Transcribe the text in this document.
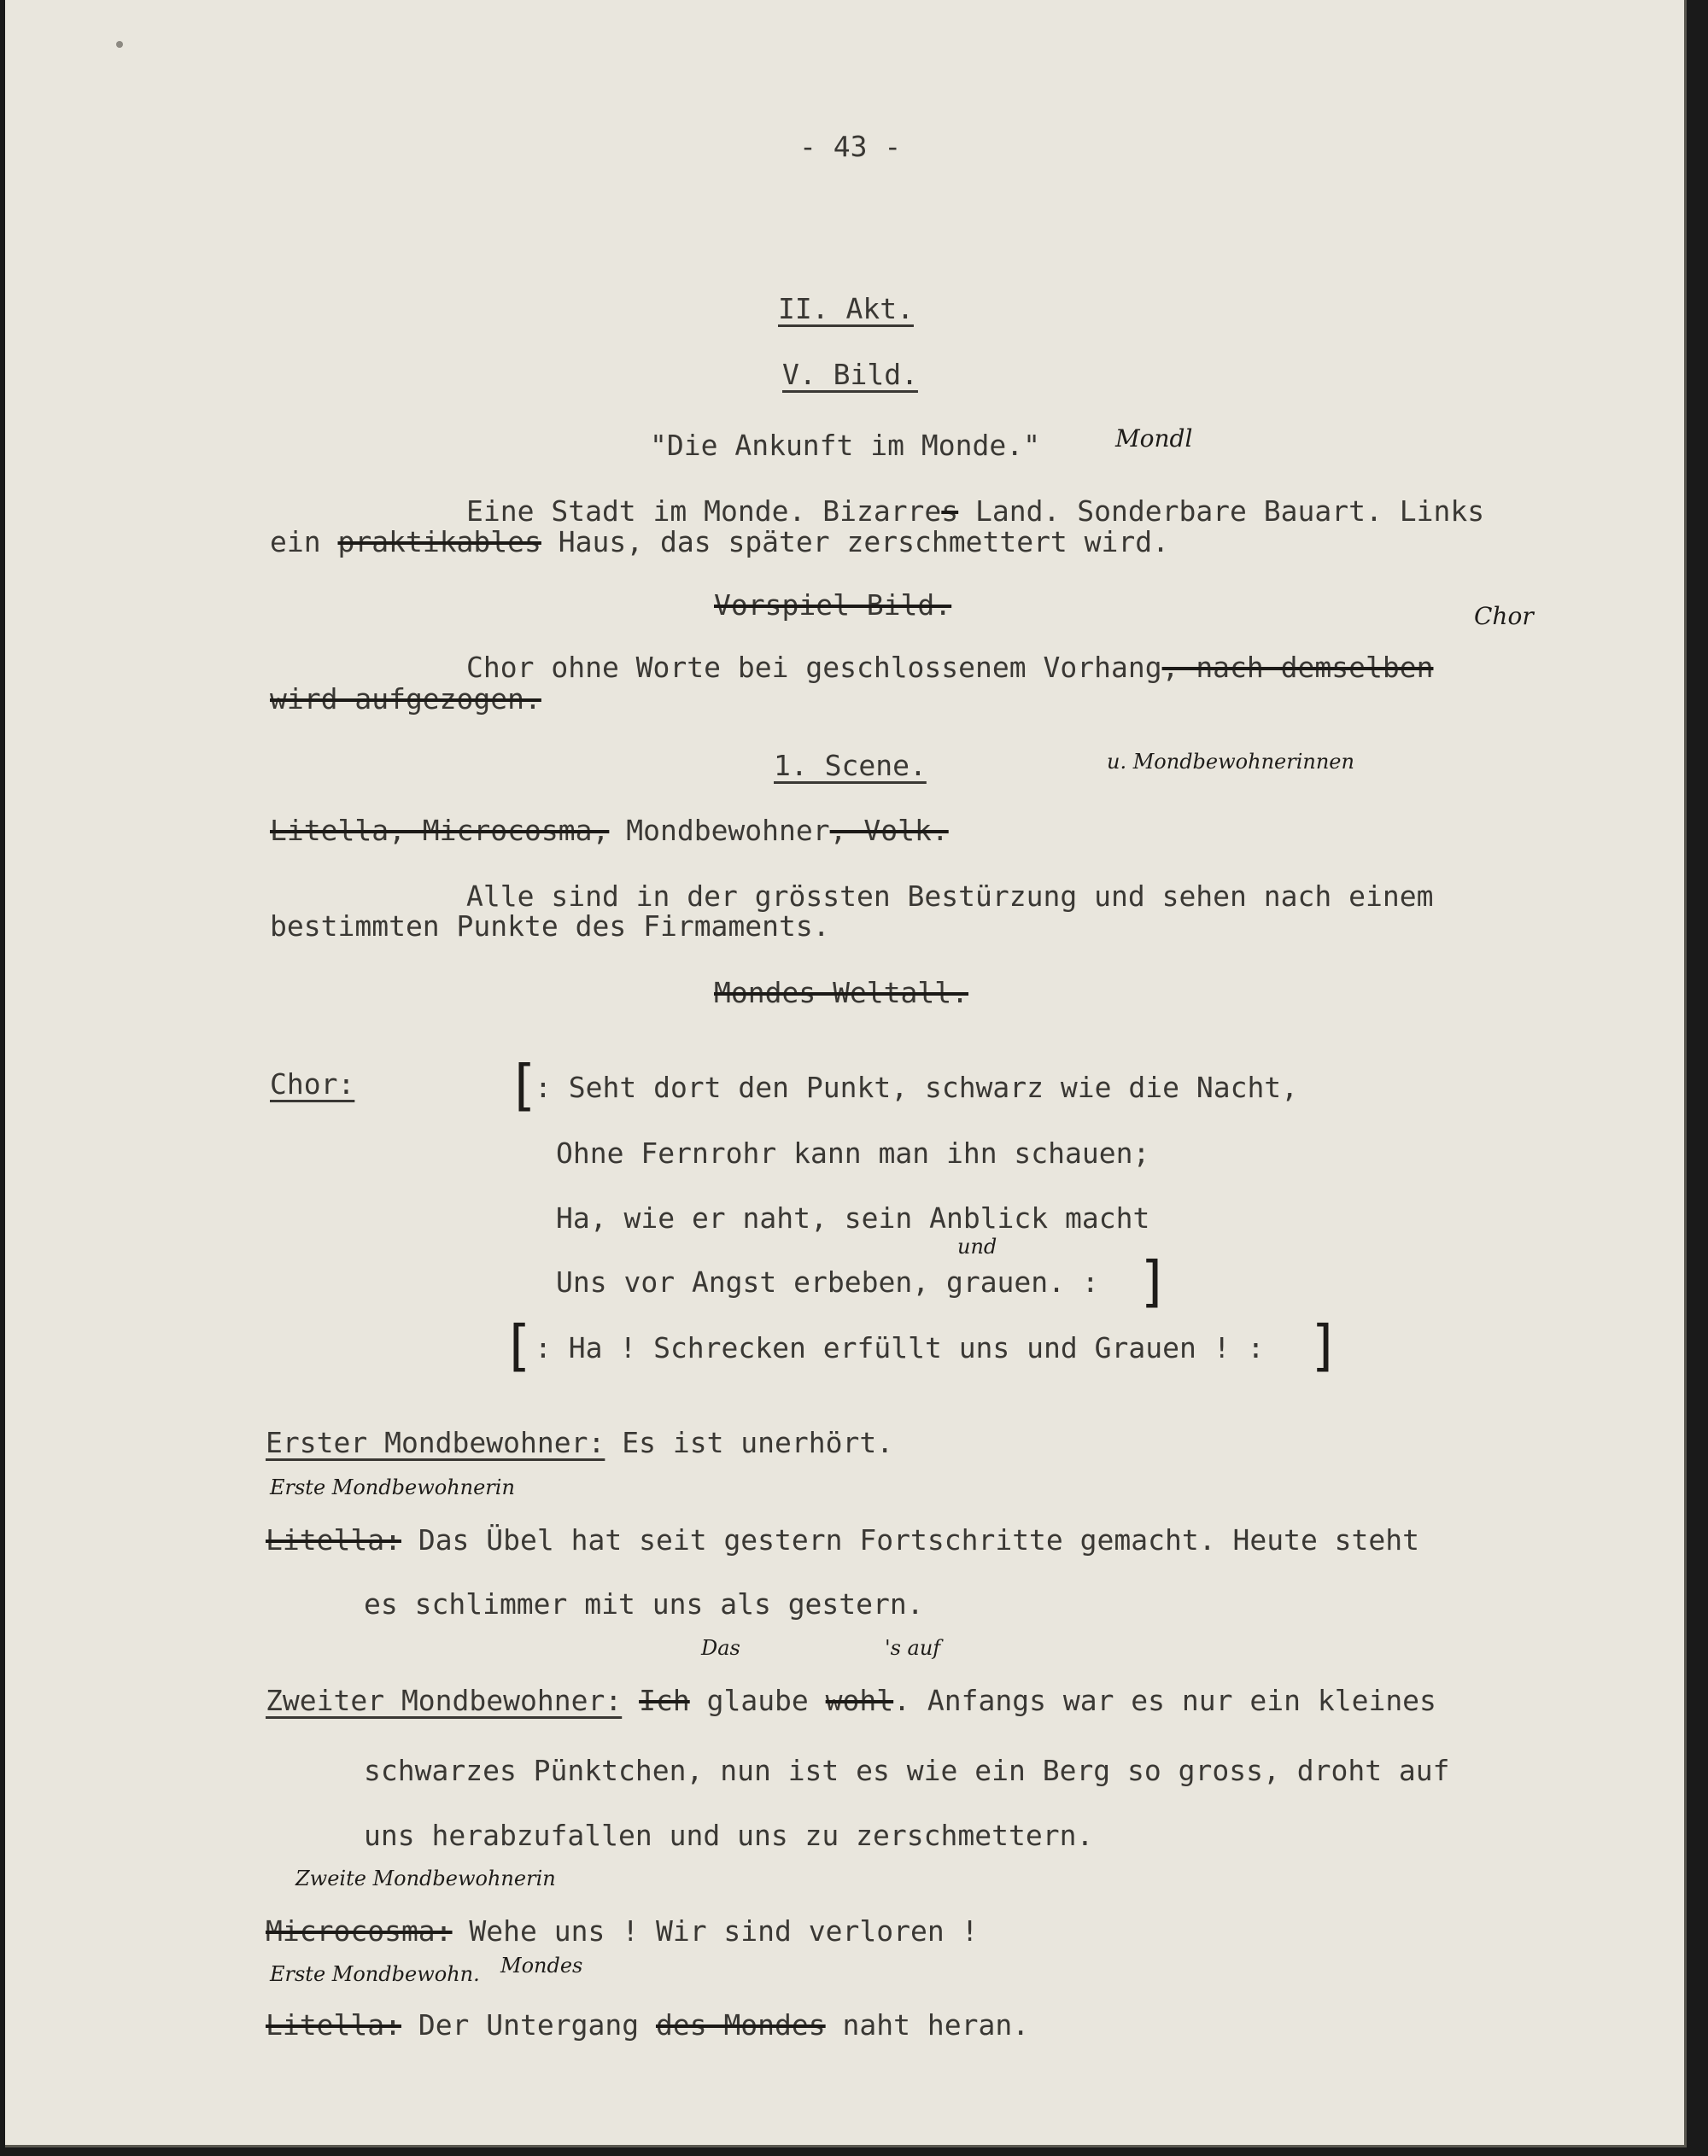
- 43 -
II. Akt.
V. Bild.
"Die Ankunft im Monde."	Mondl
Eine Stadt im Monde. Bizarres Land. Sonderbare Bauart. Links
ein praktikables Haus, das später zerschmettert wird.
Vorspiel Bild.	Chor
Chor ohne Worte bei geschlossenem Vorhang, nach demselben
wird aufgezogen.
1. Scene.	u. Mondbewohnerinnen
Litella, Microcosma, Mondbewohner, Volk.
Alle sind in der grössten Bestürzung und sehen nach einem
bestimmten Punkte des Firmaments.
Mondes Weltall.
Chor:	[ : Seht dort den Punkt, schwarz wie die Nacht,
Ohne Fernrohr kann man ihn schauen;
Ha, wie er naht, sein Anblick macht
und
Uns vor Angst erbeben, grauen. : ]
[ : Ha ! Schrecken erfüllt uns und Grauen ! : ]
Erster Mondbewohner: Es ist unerhört.
Erste Mondbewohnerin
Litella: Das Übel hat seit gestern Fortschritte gemacht. Heute steht
es schlimmer mit uns als gestern.
Das	's auf
Zweiter Mondbewohner: Ich glaube wohl. Anfangs war es nur ein kleines
schwarzes Pünktchen, nun ist es wie ein Berg so gross, droht auf
uns herabzufallen und uns zu zerschmettern.
Zweite Mondbewohnerin
Microcosma: Wehe uns ! Wir sind verloren !
Erste Mondbewohn. Mondes
Litella: Der Untergang des Mondes naht heran.
